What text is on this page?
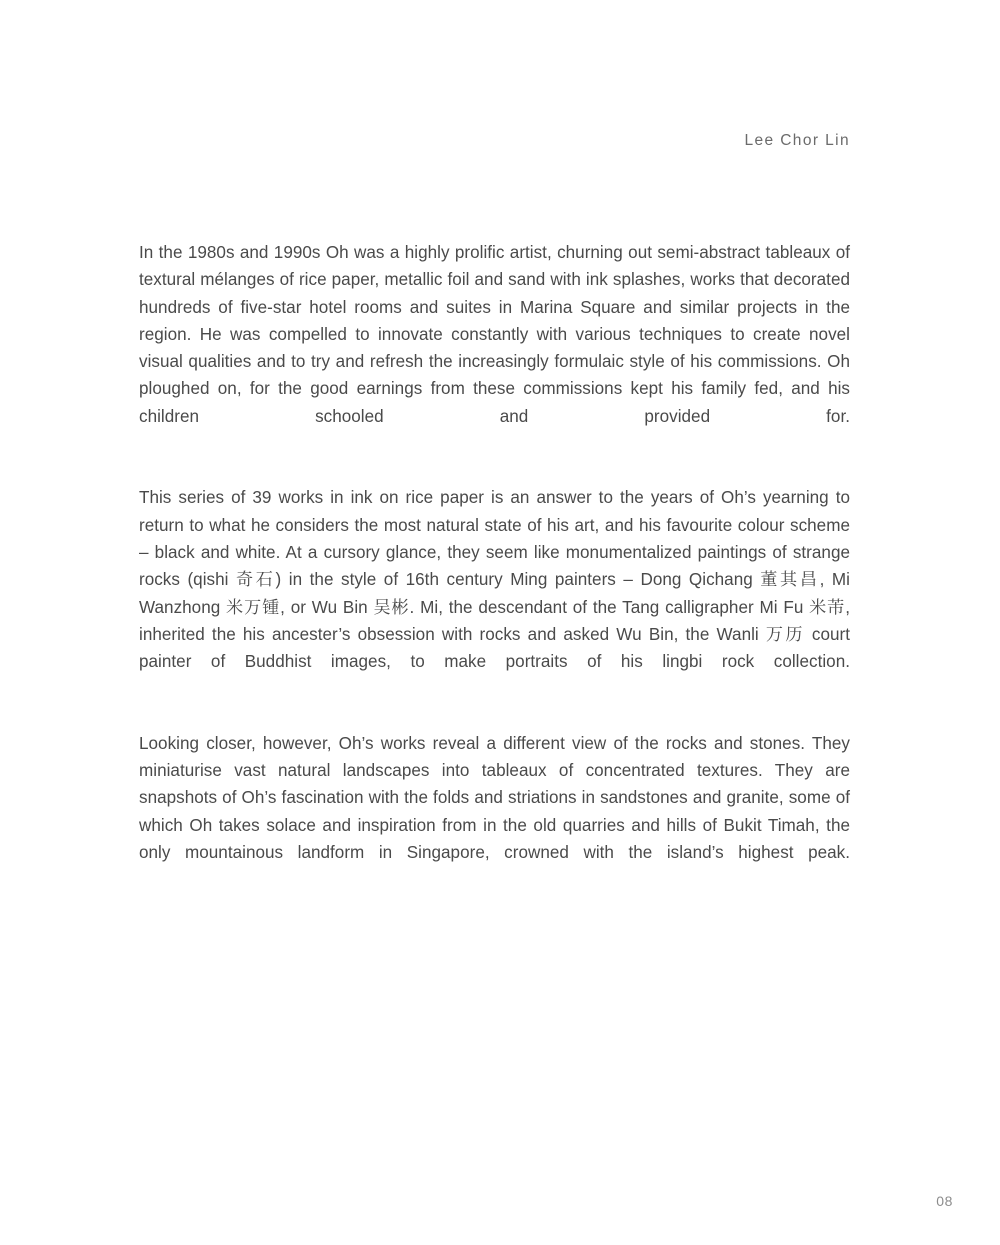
Lee Chor Lin

In the 1980s and 1990s Oh was a highly prolific artist, churning out semi-abstract tableaux of textural mélanges of rice paper, metallic foil and sand with ink splashes, works that decorated hundreds of five-star hotel rooms and suites in Marina Square and similar projects in the region. He was compelled to innovate constantly with various techniques to create novel visual qualities and to try and refresh the increasingly formulaic style of his commissions. Oh ploughed on, for the good earnings from these commissions kept his family fed, and his children schooled and provided for.

This series of 39 works in ink on rice paper is an answer to the years of Oh’s yearning to return to what he considers the most natural state of his art, and his favourite colour scheme – black and white. At a cursory glance, they seem like monumentalized paintings of strange rocks (qishi 奇石) in the style of 16th century Ming painters – Dong Qichang 董其昌, Mi Wanzhong 米万锺, or Wu Bin 吴彬. Mi, the descendant of the Tang calligrapher Mi Fu 米芾, inherited the his ancester’s obsession with rocks and asked Wu Bin, the Wanli 万历 court painter of Buddhist images, to make portraits of his lingbi rock collection.

Looking closer, however, Oh’s works reveal a different view of the rocks and stones. They miniaturise vast natural landscapes into tableaux of concentrated textures. They are snapshots of Oh’s fascination with the folds and striations in sandstones and granite, some of which Oh takes solace and inspiration from in the old quarries and hills of Bukit Timah, the only mountainous landform in Singapore, crowned with the island’s highest peak.

08
